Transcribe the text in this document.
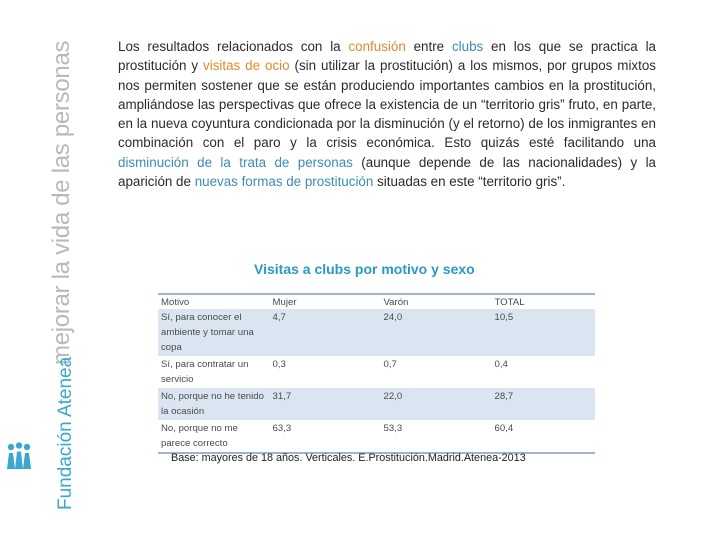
mejorar la vida de las personas
Fundación Atenea

Los resultados relacionados con la confusión entre clubs en los que se practica la prostitución y visitas de ocio (sin utilizar la prostitución) a los mismos, por grupos mixtos nos permiten sostener que se están produciendo importantes cambios en la prostitución, ampliándose las perspectivas que ofrece la existencia de un “territorio gris” fruto, en parte, en la nueva coyuntura condicionada por la disminución (y el retorno) de los inmigrantes en combinación con el paro y la crisis económica. Esto quizás esté facilitando una disminución de la trata de personas (aunque depende de las nacionalidades) y la aparición de nuevas formas de prostitución situadas en este “territorio gris”.

Visitas a clubs por motivo y sexo
Motivo	Mujer	Varón	TOTAL
Sí, para conocer el ambiente y tomar una copa	4,7	24,0	10,5
Sí, para contratar un servicio	0,3	0,7	0,4
No, porque no he tenido la ocasión	31,7	22,0	28,7
No, porque no me parece correcto	63,3	53,3	60,4

Base: mayores de 18 años. Verticales. E.Prostitución.Madrid.Atenea-2013
